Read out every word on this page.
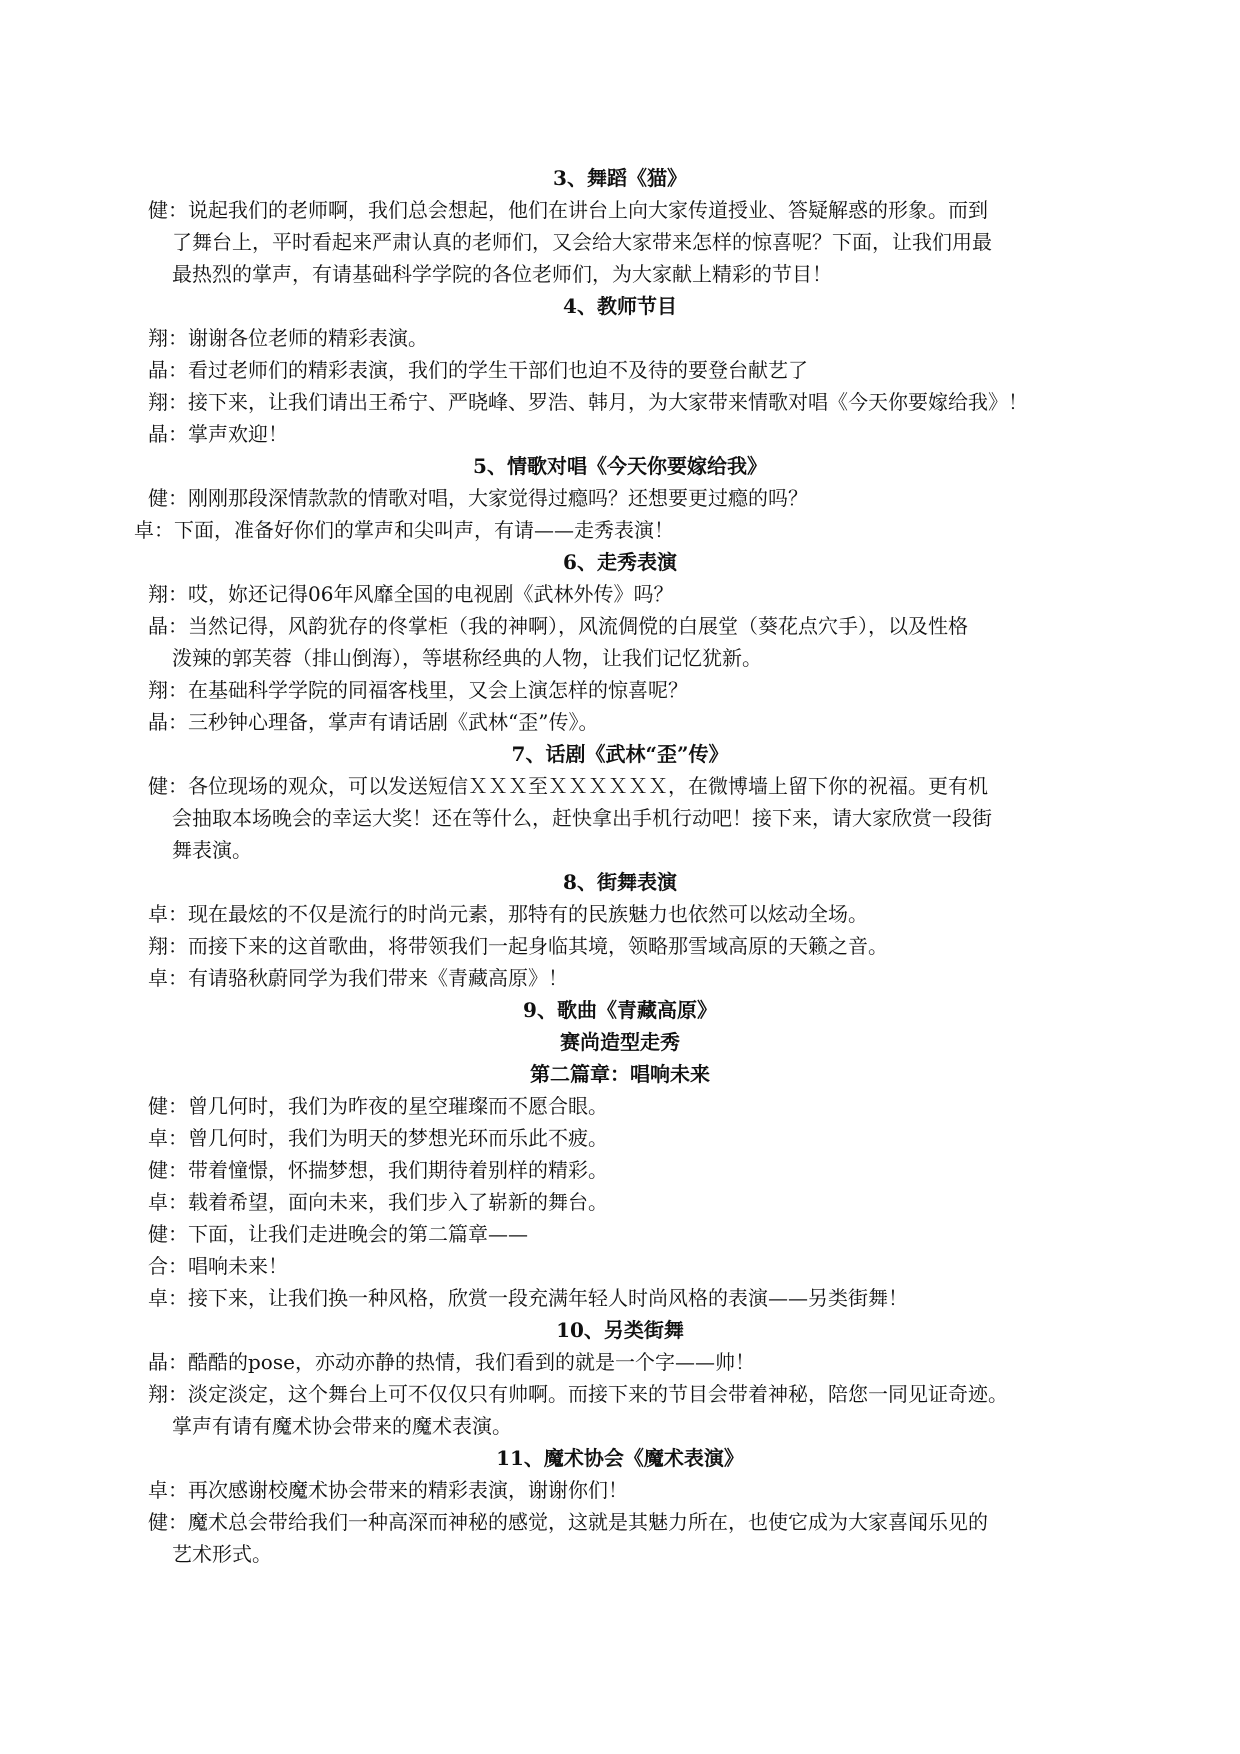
3、舞蹈《猫》
健：说起我们的老师啊，我们总会想起，他们在讲台上向大家传道授业、答疑解惑的形象。而到
了舞台上，平时看起来严肃认真的老师们，又会给大家带来怎样的惊喜呢？下面，让我们用最
最热烈的掌声，有请基础科学学院的各位老师们，为大家献上精彩的节目！
4、教师节目
翔：谢谢各位老师的精彩表演。
晶：看过老师们的精彩表演，我们的学生干部们也迫不及待的要登台献艺了
翔：接下来，让我们请出王希宁、严晓峰、罗浩、韩月，为大家带来情歌对唱《今天你要嫁给我》！
晶：掌声欢迎！
5、情歌对唱《今天你要嫁给我》
健：刚刚那段深情款款的情歌对唱，大家觉得过瘾吗？还想要更过瘾的吗？
卓：下面，准备好你们的掌声和尖叫声，有请——走秀表演！
6、走秀表演
翔：哎，妳还记得06年风靡全国的电视剧《武林外传》吗？
晶：当然记得，风韵犹存的佟掌柜（我的神啊），风流倜傥的白展堂（葵花点穴手），以及性格
泼辣的郭芙蓉（排山倒海），等堪称经典的人物，让我们记忆犹新。
翔：在基础科学学院的同福客栈里，又会上演怎样的惊喜呢？
晶：三秒钟心理备，掌声有请话剧《武林“歪”传》。
7、话剧《武林“歪”传》
健：各位现场的观众，可以发送短信ＸＸＸ至ＸＸＸＸＸＸ，在微博墙上留下你的祝福。更有机
会抽取本场晚会的幸运大奖！还在等什么，赶快拿出手机行动吧！接下来，请大家欣赏一段街
舞表演。
8、街舞表演
卓：现在最炫的不仅是流行的时尚元素，那特有的民族魅力也依然可以炫动全场。
翔：而接下来的这首歌曲，将带领我们一起身临其境，领略那雪域高原的天籁之音。
卓：有请骆秋蔚同学为我们带来《青藏高原》！
9、歌曲《青藏高原》
赛尚造型走秀
第二篇章：唱响未来
健：曾几何时，我们为昨夜的星空璀璨而不愿合眼。
卓：曾几何时，我们为明天的梦想光环而乐此不疲。
健：带着憧憬，怀揣梦想，我们期待着别样的精彩。
卓：载着希望，面向未来，我们步入了崭新的舞台。
健：下面，让我们走进晚会的第二篇章——
合：唱响未来！
卓：接下来，让我们换一种风格，欣赏一段充满年轻人时尚风格的表演——另类街舞！
10、另类街舞
晶：酷酷的pose，亦动亦静的热情，我们看到的就是一个字——帅！
翔：淡定淡定，这个舞台上可不仅仅只有帅啊。而接下来的节目会带着神秘，陪您一同见证奇迹。
掌声有请有魔术协会带来的魔术表演。
11、魔术协会《魔术表演》
卓：再次感谢校魔术协会带来的精彩表演，谢谢你们！
健：魔术总会带给我们一种高深而神秘的感觉，这就是其魅力所在，也使它成为大家喜闻乐见的
艺术形式。
